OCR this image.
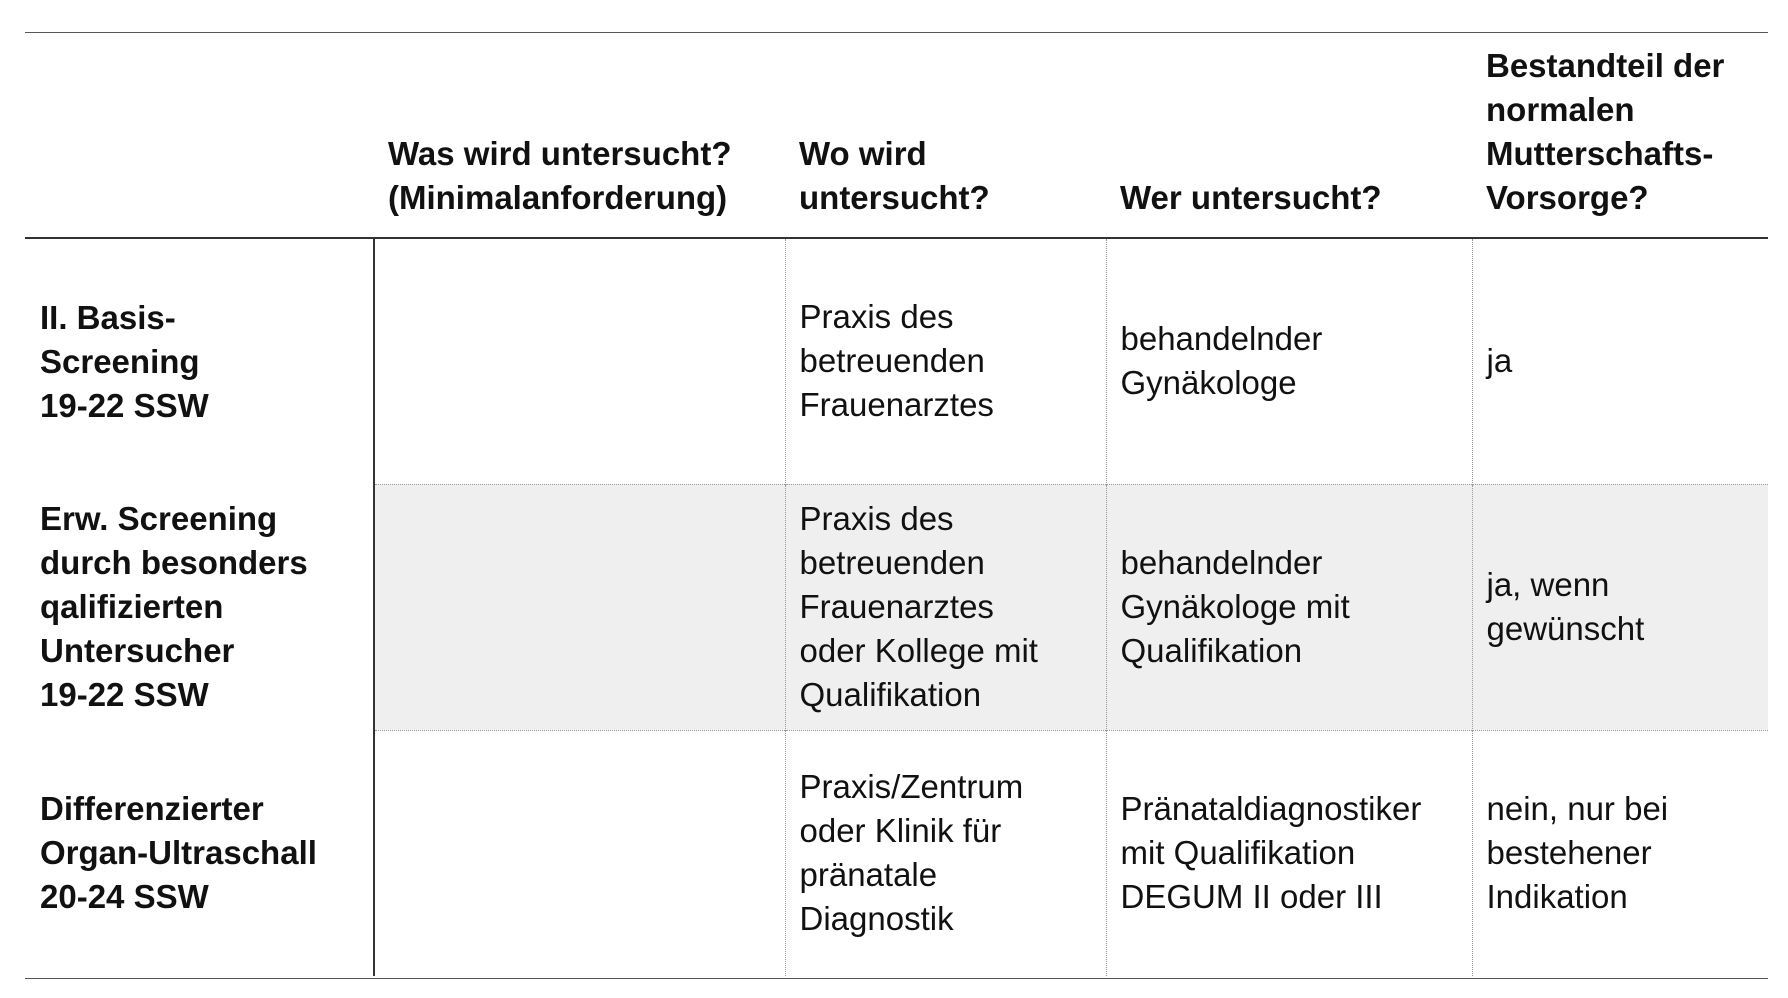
	Was wird untersucht?
(Minimalanforderung)	Wo wird
untersucht?	Wer untersucht?	Bestandteil der
normalen
Mutterschafts-
Vorsorge?

II. Basis-
Screening
19-22 SSW		Praxis des
betreuenden
Frauenarztes	behandelnder
Gynäkologe	ja

Erw. Screening
durch besonders
qalifizierten
Untersucher
19-22 SSW		Praxis des
betreuenden
Frauenarztes
oder Kollege mit
Qualifikation	behandelnder
Gynäkologe mit
Qualifikation	ja, wenn
gewünscht

Differenzierter
Organ-Ultraschall
20-24 SSW		Praxis/Zentrum
oder Klinik für
pränatale
Diagnostik	Pränataldiagnostiker
mit Qualifikation
DEGUM II oder III	nein, nur bei
bestehener
Indikation
